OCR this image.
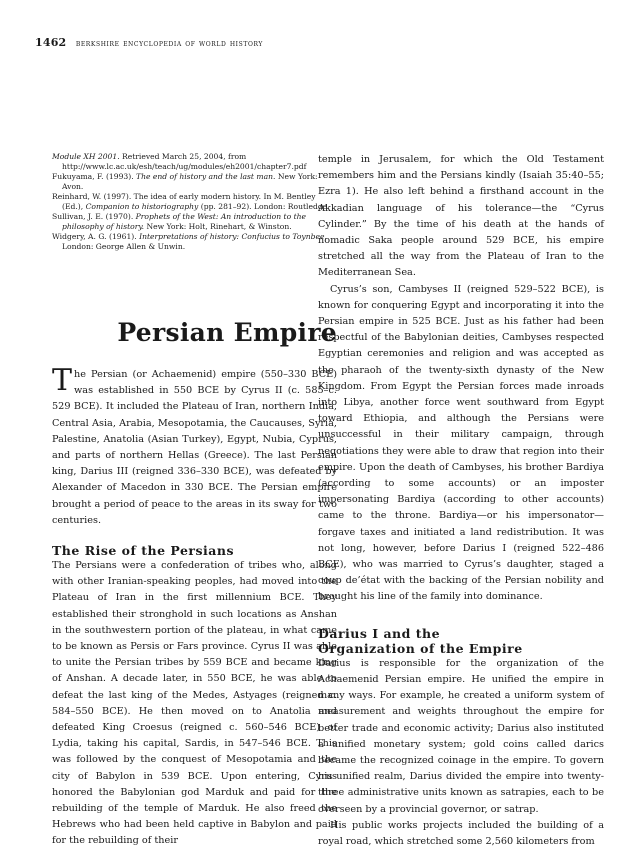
1462 berkshire encyclopedia of world history

Module XH 2001. Retrieved March 25, 2004, from http://www.lc.ac.uk/esh/teach/ug/modules/eh2001/chapter7.pdf

Fukuyama, F. (1993). The end of history and the last man. New York: Avon.

Reinhard, W. (1997). The idea of early modern history. In M. Bentley (Ed.), Companion to historiography (pp. 281–92). London: Routledge.

Sullivan, J. E. (1970). Prophets of the West: An introduction to the philosophy of history. New York: Holt, Rinehart, & Winston.

Widgery, A. G. (1961). Interpretations of history: Confucius to Toynbee. London: George Allen & Unwin.

Persian Empire
The Persian (or Achaemenid) empire (550–330 BCE) was established in 550 BCE by Cyrus II (c. 585–c. 529 BCE). It included the Plateau of Iran, northern India, Central Asia, Arabia, Mesopotamia, the Caucauses, Syria, Palestine, Anatolia (Asian Turkey), Egypt, Nubia, Cyprus, and parts of northern Hellas (Greece). The last Persian king, Darius III (reigned 336–330 BCE), was defeated by Alexander of Macedon in 330 BCE. The Persian empire brought a period of peace to the areas in its sway for two centuries.
The Rise of the Persians
The Persians were a confederation of tribes who, along with other Iranian-speaking peoples, had moved into the Plateau of Iran in the first millennium BCE. They established their stronghold in such locations as Anshan in the southwestern portion of the plateau, in what came to be known as Persis or Fars province. Cyrus II was able to unite the Persian tribes by 559 BCE and became king of Anshan. A decade later, in 550 BCE, he was able to defeat the last king of the Medes, Astyages (reigned c. 584–550 BCE). He then moved on to Anatolia and defeated King Croesus (reigned c. 560–546 BCE) of Lydia, taking his capital, Sardis, in 547–546 BCE. This was followed by the conquest of Mesopotamia and the city of Babylon in 539 BCE. Upon entering, Cyrus honored the Babylonian god Marduk and paid for the rebuilding of the temple of Marduk. He also freed the Hebrews who had been held captive in Babylon and paid for the rebuilding of their
temple in Jerusalem, for which the Old Testament remembers him and the Persians kindly (Isaiah 35:40–55; Ezra 1). He also left behind a firsthand account in the Akkadian language of his tolerance—the “Cyrus Cylinder.” By the time of his death at the hands of nomadic Saka people around 529 BCE, his empire stretched all the way from the Plateau of Iran to the Mediterranean Sea.
Cyrus’s son, Cambyses II (reigned 529–522 BCE), is known for conquering Egypt and incorporating it into the Persian empire in 525 BCE. Just as his father had been respectful of the Babylonian deities, Cambyses respected Egyptian ceremonies and religion and was accepted as the pharaoh of the twenty-sixth dynasty of the New Kingdom. From Egypt the Persian forces made inroads into Libya, another force went southward from Egypt toward Ethiopia, and although the Persians were unsuccessful in their military campaign, through negotiations they were able to draw that region into their empire. Upon the death of Cambyses, his brother Bardiya (according to some accounts) or an imposter impersonating Bardiya (according to other accounts) came to the throne. Bardiya—or his impersonator—forgave taxes and initiated a land redistribution. It was not long, however, before Darius I (reigned 522–486 BCE), who was married to Cyrus’s daughter, staged a coup de’état with the backing of the Persian nobility and brought his line of the family into dominance.
Darius I and the
Organization of the Empire
Darius is responsible for the organization of the Achaemenid Persian empire. He unified the empire in many ways. For example, he created a uniform system of measurement and weights throughout the empire for better trade and economic activity; Darius also instituted a unified monetary system; gold coins called darics became the recognized coinage in the empire. To govern his unified realm, Darius divided the empire into twenty-three administrative units known as satrapies, each to be overseen by a provincial governor, or satrap.
His public works projects included the building of a royal road, which stretched some 2,560 kilometers from
